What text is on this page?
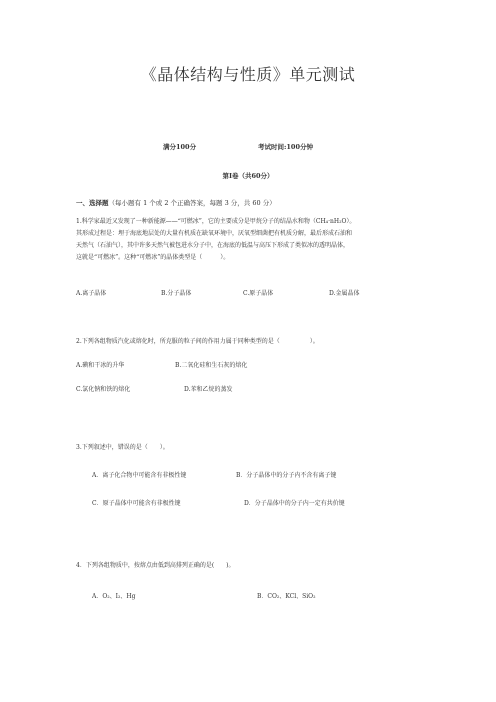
《晶体结构与性质》单元测试
满分100分	考试时间:100分钟
第Ⅰ卷（共60分）
一、选择题（每小题有 1 个或 2 个正确答案，每题 3 分，共 60 分）
1.科学家最近又发现了一种新能源——“可燃冰”，它的主要成分是甲烷分子的结晶水和物（CH₄·nH₂O）。
其形成过程是：埋于海底地层处的大量有机质在缺氧环境中，厌氧型细菌把有机质分解，最后形成石油和
天然气（石油气），其中许多天然气被包进水分子中，在海底的低温与高压下形成了类似冰的透明晶体，
这就是“可燃冰”。这种“可燃冰”的晶体类型是（　　　）。
A.离子晶体	B.分子晶体	C.原子晶体	D.金属晶体
2.下列各组物质汽化或熔化时，所克服的粒子间的作用力属于同种类型的是（　　　　　）。
A.碘和干冰的升华	B.二氧化硅和生石灰的熔化
C.氯化钠和铁的熔化	D.苯和乙烷的蒸发
3.下列叙述中，错误的是（　　）。
A．离子化合物中可能含有非极性键	B．分子晶体中的分子内不含有离子键
C．原子晶体中可能含有非极性键	D．分子晶体中的分子内一定有共价键
4．下列各组物质中，按熔点由低到高排列正确的是(　　)。
A．O₂、I₂、Hg	B．CO₂、KCl、SiO₂
